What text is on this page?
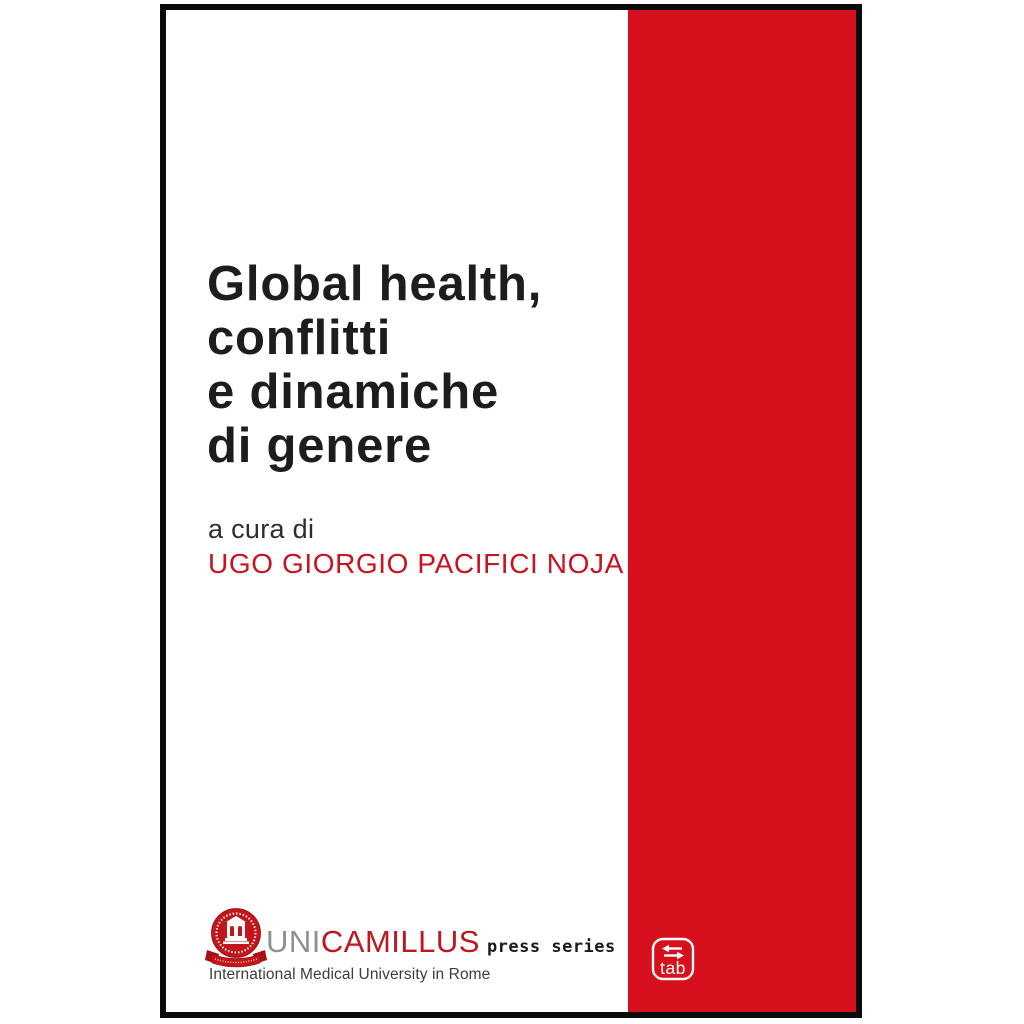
Global health,
conflitti
e dinamiche
di genere
a cura di
UGO GIORGIO PACIFICI NOJA
UNI CAMILLUS press series
International Medical University in Rome	tab
